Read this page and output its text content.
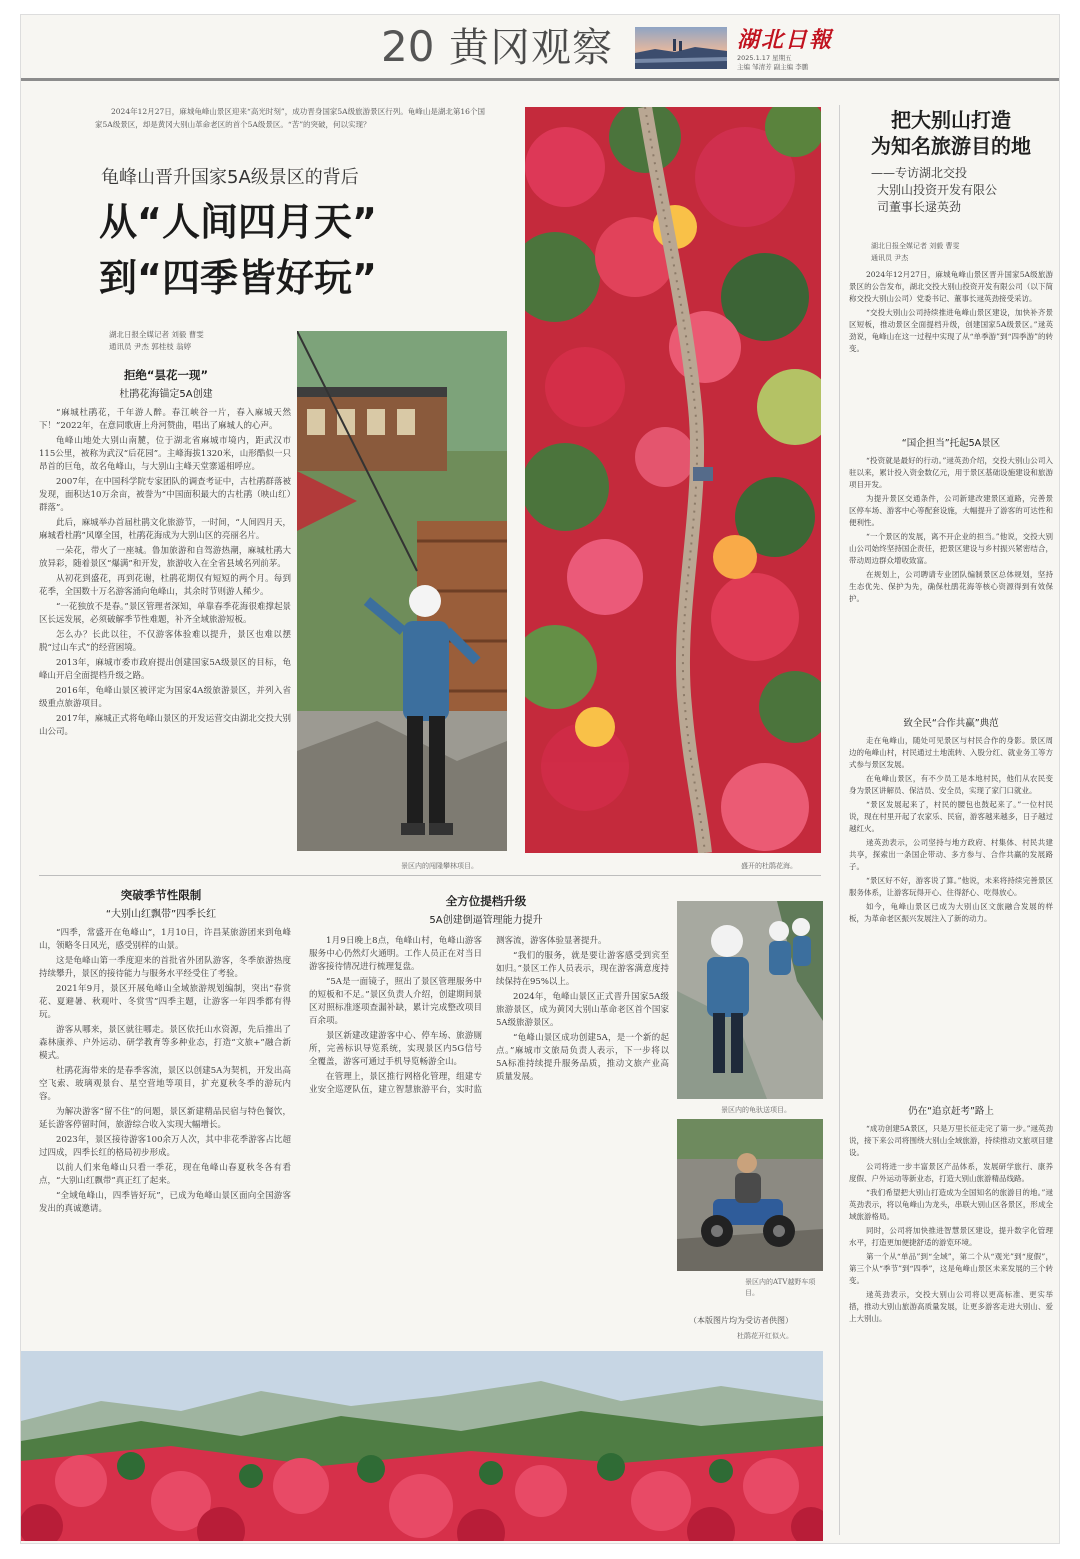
20 黄冈观察	湖北日報
2025.1.17 星期五
主编 邹清芳 副主编 李鹏
2024年12月27日，麻城龟峰山景区迎来“高光时刻”，成功晋身国家5A级旅游景区行列。龟峰山是湖北第16个国家5A级景区，却是黄冈大别山革命老区的首个5A级景区。“苦”的突破，何以实现？
龟峰山晋升国家5A级景区的背后
从“人间四月天”
到“四季皆好玩”
湖北日报全媒记者 刘毅 曹雯
通讯员 尹杰 郭桂枝 翁婷
拒绝“昙花一现”
杜鹃花海锚定5A创建

“麻城杜鹃花，千年游人醉。春江峡谷一片，春入麻城天然下！”2022年，在意同歌唐上舟河赞曲，唱出了麻城人的心声。

龟峰山地处大别山南麓，位于湖北省麻城市境内，距武汉市115公里，被称为武汉“后花园”。主峰海拔1320米，山形酷似一只昂首的巨龟，故名龟峰山，与大别山主峰天堂寨遥相呼应。

2007年，在中国科学院专家团队的调查考证中，古杜鹃群落被发现，面积达10万余亩，被誉为“中国面积最大的古杜鹃（映山红）群落”。

此后，麻城举办首届杜鹃文化旅游节，一时间，“人间四月天，麻城看杜鹃”风靡全国，杜鹃花海成为大别山区的亮丽名片。

一朵花，带火了一座城。鲁加旅游和自驾游热潮，麻城杜鹃大放异彩，随着景区“爆满”和开发，旅游收入在全省县域名列前茅。

从初花到盛花，再到花谢，杜鹃花期仅有短短的两个月。每到花季，全国数十万名游客涌向龟峰山，其余时节则游人稀少。

“一花独放不是春。”景区管理者深知，单靠春季花海很难撑起景区长远发展，必须破解季节性难题，补齐全域旅游短板。

怎么办？长此以往，不仅游客体验难以提升，景区也难以摆脱“过山车式”的经营困境。

2013年，麻城市委市政府提出创建国家5A级景区的目标，龟峰山开启全面提档升级之路。

2016年，龟峰山景区被评定为国家4A级旅游景区，并列入省级重点旅游项目。

2017年，麻城正式将龟峰山景区的开发运营交由湖北交投大别山公司。

景区内的闯隆攀林项目。	盛开的杜鹃花海。
把大别山打造
为知名旅游目的地
——专访湖北交投
大别山投资开发有限公
司董事长逯英劲
湖北日报全媒记者 刘毅 曹雯
通讯员 尹杰

2024年12月27日，麻城龟峰山景区晋升国家5A级旅游景区的公告发布，湖北交投大别山投资开发有限公司（以下简称交投大别山公司）党委书记、董事长逯英劲接受采访。

“交投大别山公司持续推进龟峰山景区建设，加快补齐景区短板，推动景区全面提档升级，创建国家5A级景区。”逯英劲说，龟峰山在这一过程中实现了从“单季游”到“四季游”的转变。

“国企担当”托起5A景区

“投资就是最好的行动。”逯英劲介绍，交投大别山公司入驻以来，累计投入资金数亿元，用于景区基础设施建设和旅游项目开发。

为提升景区交通条件，公司新建改建景区道路，完善景区停车场、游客中心等配套设施，大幅提升了游客的可达性和便利性。

“一个景区的发展，离不开企业的担当。”他说，交投大别山公司始终坚持国企责任，把景区建设与乡村振兴紧密结合，带动周边群众增收致富。

在规划上，公司聘请专业团队编制景区总体规划，坚持生态优先、保护为先，确保杜鹃花海等核心资源得到有效保护。

致全民“合作共赢”典范

走在龟峰山，随处可见景区与村民合作的身影。景区周边的龟峰山村，村民通过土地流转、入股分红、就业务工等方式参与景区发展。

在龟峰山景区，有不少员工是本地村民，他们从农民变身为景区讲解员、保洁员、安全员，实现了家门口就业。

“景区发展起来了，村民的腰包也鼓起来了。”一位村民说，现在村里开起了农家乐、民宿，游客越来越多，日子越过越红火。

逯英劲表示，公司坚持与地方政府、村集体、村民共建共享，探索出一条国企带动、多方参与、合作共赢的发展路子。

“景区好不好，游客说了算。”他说，未来将持续完善景区服务体系，让游客玩得开心、住得舒心、吃得放心。

如今，龟峰山景区已成为大别山区文旅融合发展的样板，为革命老区振兴发展注入了新的动力。

仍在“追京赶考”路上

“成功创建5A景区，只是万里长征走完了第一步。”逯英劲说，接下来公司将围绕大别山全域旅游，持续推动文旅项目建设。

公司将进一步丰富景区产品体系，发展研学旅行、康养度假、户外运动等新业态，打造大别山旅游精品线路。

“我们希望把大别山打造成为全国知名的旅游目的地。”逯英劲表示，将以龟峰山为龙头，串联大别山区各景区，形成全域旅游格局。

同时，公司将加快推进智慧景区建设，提升数字化管理水平，打造更加便捷舒适的游览环境。

第一个从“单品”到“全域”，第二个从“观光”到“度假”，第三个从“季节”到“四季”，这是龟峰山景区未来发展的三个转变。

逯英劲表示，交投大别山公司将以更高标准、更实举措，推动大别山旅游高质量发展，让更多游客走进大别山、爱上大别山。

突破季节性限制
“大别山红飘带”四季长红

“四季，常盛开在龟峰山”，1月10日，许昌某旅游团来到龟峰山，领略冬日风光，感受别样的山景。

这是龟峰山第一季度迎来的首批省外团队游客，冬季旅游热度持续攀升，景区的接待能力与服务水平经受住了考验。

2021年9月，景区开展龟峰山全域旅游规划编制，突出“春赏花、夏避暑、秋观叶、冬赏雪”四季主题，让游客一年四季都有得玩。

游客从哪来，景区就往哪走。景区依托山水资源，先后推出了森林康养、户外运动、研学教育等多种业态，打造“文旅+”融合新模式。

杜鹃花海带来的是春季客流，景区以创建5A为契机，开发出高空飞索、玻璃观景台、星空营地等项目，扩充夏秋冬季的游玩内容。

为解决游客“留不住”的问题，景区新建精品民宿与特色餐饮，延长游客停留时间，旅游综合收入实现大幅增长。

2023年，景区接待游客100余万人次，其中非花季游客占比超过四成，四季长红的格局初步形成。

以前人们来龟峰山只看一季花，现在龟峰山春夏秋冬各有看点，“大别山红飘带”真正红了起来。

“全域龟峰山，四季皆好玩”，已成为龟峰山景区面向全国游客发出的真诚邀请。

全方位提档升级
5A创建倒逼管理能力提升

1月9日晚上8点，龟峰山村，龟峰山游客服务中心仍然灯火通明。工作人员正在对当日游客接待情况进行梳理复盘。

“5A是一面镜子，照出了景区管理服务中的短板和不足。”景区负责人介绍，创建期间景区对照标准逐项查漏补缺，累计完成整改项目百余项。

景区新建改建游客中心、停车场、旅游厕所，完善标识导览系统，实现景区内5G信号全覆盖，游客可通过手机导览畅游全山。

在管理上，景区推行网格化管理，组建专业安全巡逻队伍，建立智慧旅游平台，实时监测客流，游客体验显著提升。

“我们的服务，就是要让游客感受到宾至如归。”景区工作人员表示，现在游客满意度持续保持在95%以上。

2024年，龟峰山景区正式晋升国家5A级旅游景区，成为黄冈大别山革命老区首个国家5A级旅游景区。

“龟峰山景区成功创建5A，是一个新的起点。”麻城市文旅局负责人表示，下一步将以5A标准持续提升服务品质，推动文旅产业高质量发展。

景区内的龟驮送项目。
景区内的ATV越野车项目。
（本版图片均为受访者供图）
杜鹃花开红似火。
